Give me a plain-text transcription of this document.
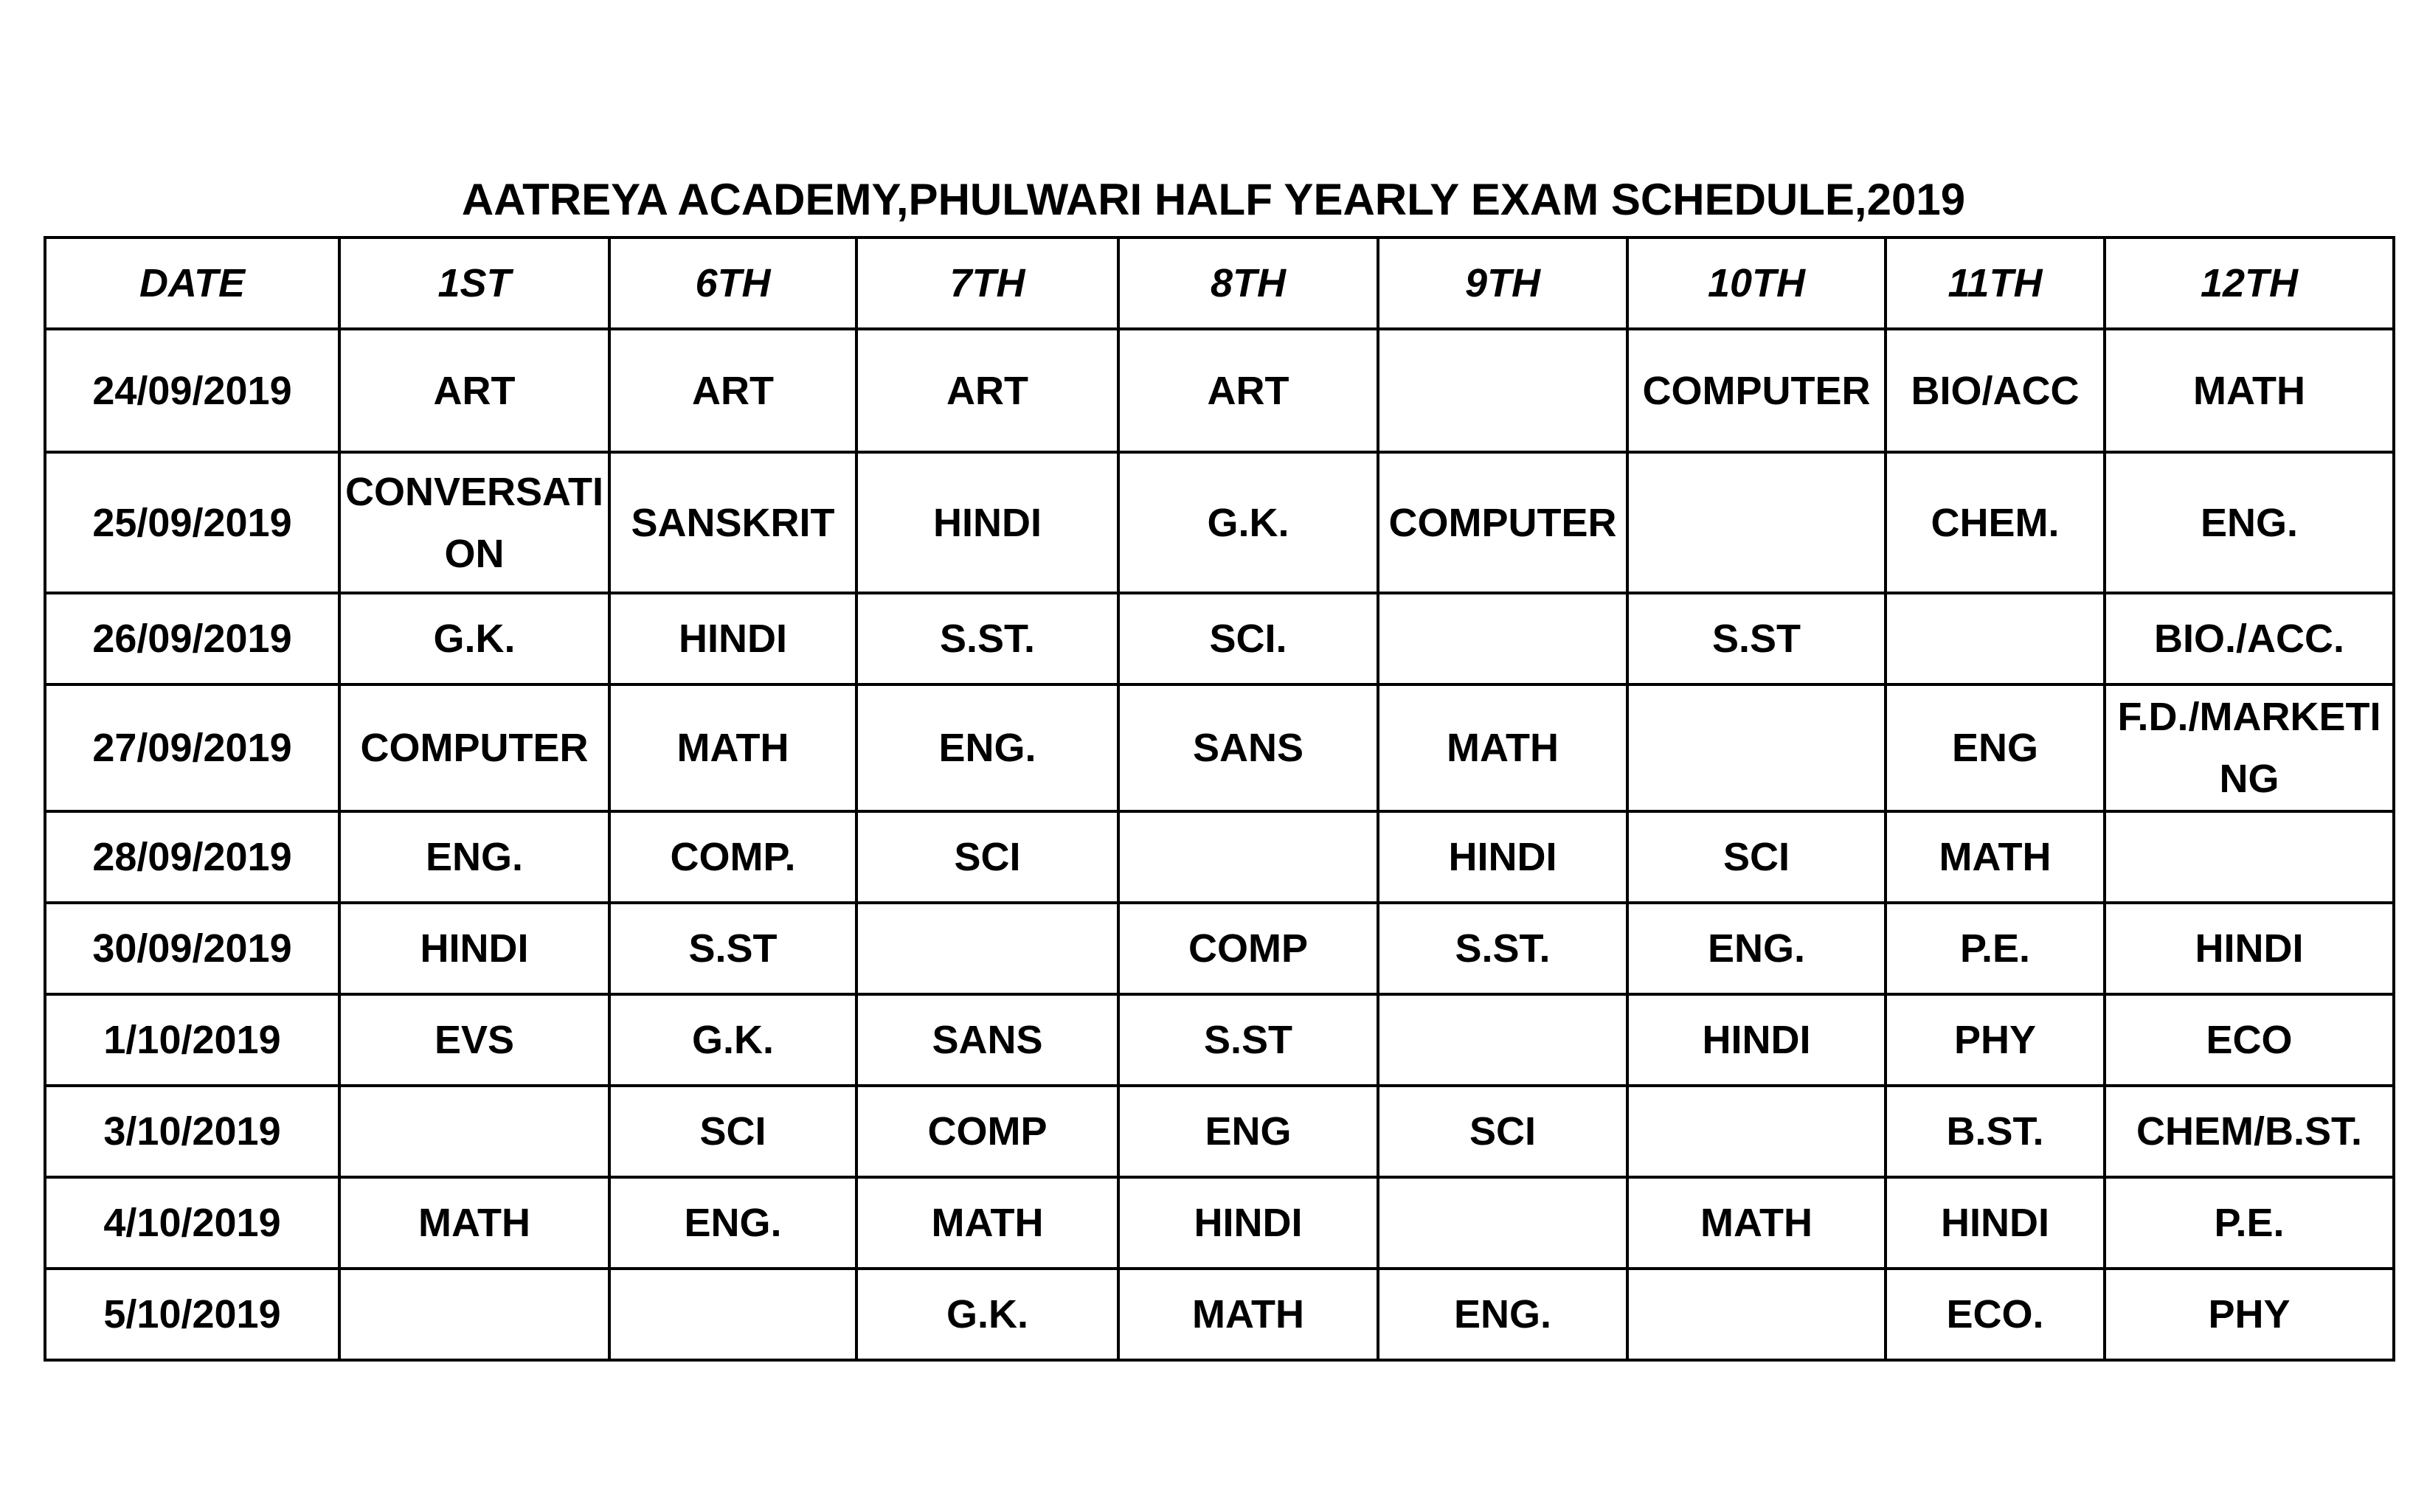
AATREYA ACADEMY,PHULWARI HALF YEARLY EXAM SCHEDULE,2019
DATE	1ST	6TH	7TH	8TH	9TH	10TH	11TH	12TH
24/09/2019	ART	ART	ART	ART		COMPUTER	BIO/ACC	MATH
25/09/2019	CONVERSATION	SANSKRIT	HINDI	G.K.	COMPUTER		CHEM.	ENG.
26/09/2019	G.K.	HINDI	S.ST.	SCI.		S.ST		BIO./ACC.
27/09/2019	COMPUTER	MATH	ENG.	SANS	MATH		ENG	F.D./MARKETING
28/09/2019	ENG.	COMP.	SCI		HINDI	SCI	MATH	
30/09/2019	HINDI	S.ST		COMP	S.ST.	ENG.	P.E.	HINDI
1/10/2019	EVS	G.K.	SANS	S.ST		HINDI	PHY	ECO
3/10/2019		SCI	COMP	ENG	SCI		B.ST.	CHEM/B.ST.
4/10/2019	MATH	ENG.	MATH	HINDI		MATH	HINDI	P.E.
5/10/2019			G.K.	MATH	ENG.		ECO.	PHY
